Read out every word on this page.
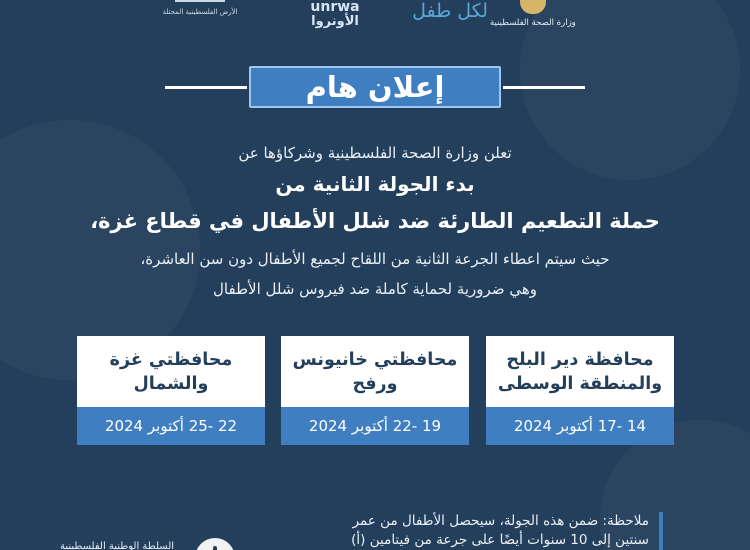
وزارة الصحة الفلسطينية
لكل طفل
unrwa
الأونروا
الأرض الفلسطينية المحتلة
إعلان هام
تعلن وزارة الصحة الفلسطينية وشركاؤها عن
بدء الجولة الثانية من
حملة التطعيم الطارئة ضد شلل الأطفال في قطاع غزة،
حيث سيتم اعطاء الجرعة الثانية من اللقاح لجميع الأطفال دون سن العاشرة،
وهي ضرورية لحماية كاملة ضد فيروس شلل الأطفال
محافظة دير البلح
والمنطقة الوسطى
14 -17 أكتوبر 2024
محافظتي خانيونس
ورفح
19 -22 أكتوبر 2024
محافظتي غزة
والشمال
22 -25 أكتوبر 2024
ملاحظة: ضمن هذه الجولة، سيحصل الأطفال من عمر
سنتين إلى 10 سنوات أيضًا على جرعة من فيتامين (أ)
السلطة الوطنية الفلسطينية
